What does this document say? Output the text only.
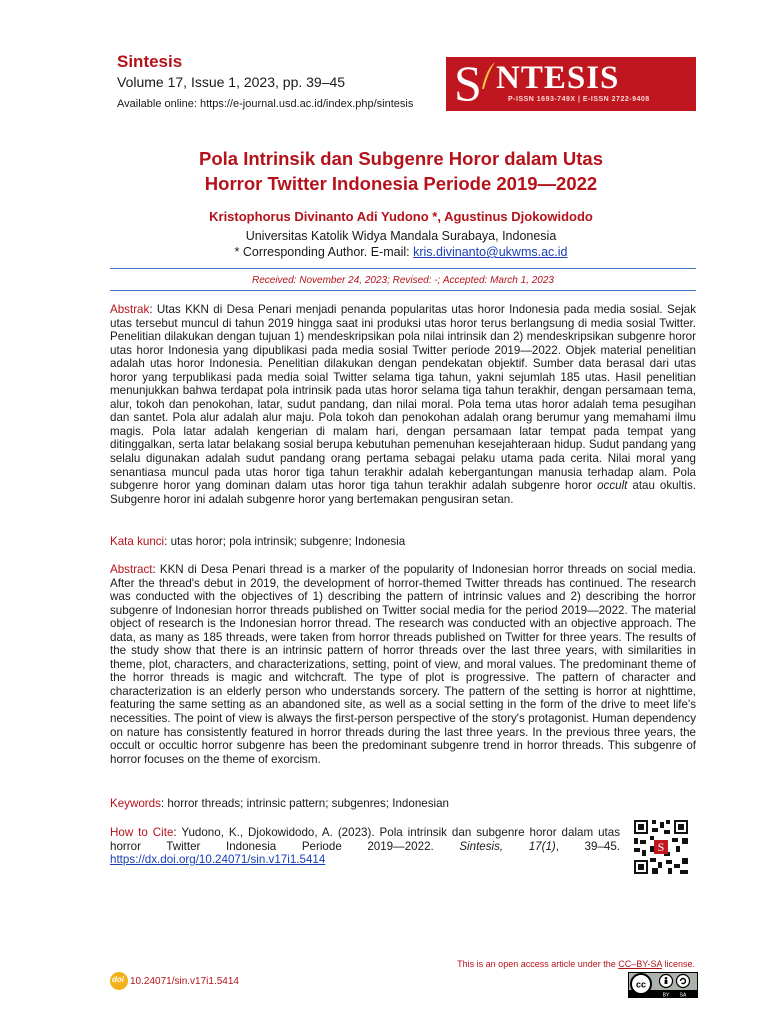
Sintesis
Volume 17, Issue 1, 2023, pp. 39–45
Available online: https://e-journal.usd.ac.id/index.php/sintesis S NTESIS
P-ISSN 1693-749X | E-ISSN 2722-9408
Pola Intrinsik dan Subgenre Horor dalam Utas
Horror Twitter Indonesia Periode 2019—2022
Kristophorus Divinanto Adi Yudono *, Agustinus Djokowidodo
Universitas Katolik Widya Mandala Surabaya, Indonesia
* Corresponding Author. E-mail: kris.divinanto@ukwms.ac.id
Received: November 24, 2023; Revised: -; Accepted: March 1, 2023
Abstrak: Utas KKN di Desa Penari menjadi penanda popularitas utas horor Indonesia pada media sosial. Sejak utas tersebut muncul di tahun 2019 hingga saat ini produksi utas horor terus berlangsung di media sosial Twitter. Penelitian dilakukan dengan tujuan 1) mendeskripsikan pola nilai intrinsik dan 2) mendeskripsikan subgenre horor utas horor Indonesia yang dipublikasi pada media sosial Twitter periode 2019—2022. Objek material penelitian adalah utas horor Indonesia. Penelitian dilakukan dengan pendekatan objektif. Sumber data berasal dari utas horor yang terpublikasi pada media soial Twitter selama tiga tahun, yakni sejumlah 185 utas. Hasil penelitian menunjukkan bahwa terdapat pola intrinsik pada utas horor selama tiga tahun terakhir, dengan persamaan tema, alur, tokoh dan penokohan, latar, sudut pandang, dan nilai moral. Pola tema utas horor adalah tema pesugihan dan santet. Pola alur adalah alur maju. Pola tokoh dan penokohan adalah orang berumur yang memahami ilmu magis. Pola latar adalah kengerian di malam hari, dengan persamaan latar tempat pada tempat yang ditinggalkan, serta latar belakang sosial berupa kebutuhan pemenuhan kesejahteraan hidup. Sudut pandang yang selalu digunakan adalah sudut pandang orang pertama sebagai pelaku utama pada cerita. Nilai moral yang senantiasa muncul pada utas horor tiga tahun terakhir adalah kebergantungan manusia terhadap alam. Pola subgenre horor yang dominan dalam utas horor tiga tahun terakhir adalah subgenre horor occult atau okultis. Subgenre horor ini adalah subgenre horor yang bertemakan pengusiran setan.
Kata kunci: utas horor; pola intrinsik; subgenre; Indonesia
Abstract: KKN di Desa Penari thread is a marker of the popularity of Indonesian horror threads on social media. After the thread's debut in 2019, the development of horror-themed Twitter threads has continued. The research was conducted with the objectives of 1) describing the pattern of intrinsic values and 2) describing the horror subgenre of Indonesian horror threads published on Twitter social media for the period 2019—2022. The material object of research is the Indonesian horror thread. The research was conducted with an objective approach. The data, as many as 185 threads, were taken from horror threads published on Twitter for three years. The results of the study show that there is an intrinsic pattern of horror threads over the last three years, with similarities in theme, plot, characters, and characterizations, setting, point of view, and moral values. The predominant theme of the horror threads is magic and witchcraft. The type of plot is progressive. The pattern of character and characterization is an elderly person who understands sorcery. The pattern of the setting is horror at nighttime, featuring the same setting as an abandoned site, as well as a social setting in the form of the drive to meet life's necessities. The point of view is always the first-person perspective of the story's protagonist. Human dependency on nature has consistently featured in horror threads during the last three years. In the previous three years, the occult or occultic horror subgenre has been the predominant subgenre trend in horror threads. This subgenre of horror focuses on the theme of exorcism.
Keywords: horror threads; intrinsic pattern; subgenres; Indonesian
How to Cite: Yudono, K., Djokowidodo, A. (2023). Pola intrinsik dan subgenre horor dalam utas horror Twitter Indonesia Periode 2019—2022. Sintesis, 17(1), 39–45. https://dx.doi.org/10.24071/sin.v17i1.5414
S
This is an open access article under the CC–BY-SA license.
cc
BY SA
doi 10.24071/sin.v17i1.5414
